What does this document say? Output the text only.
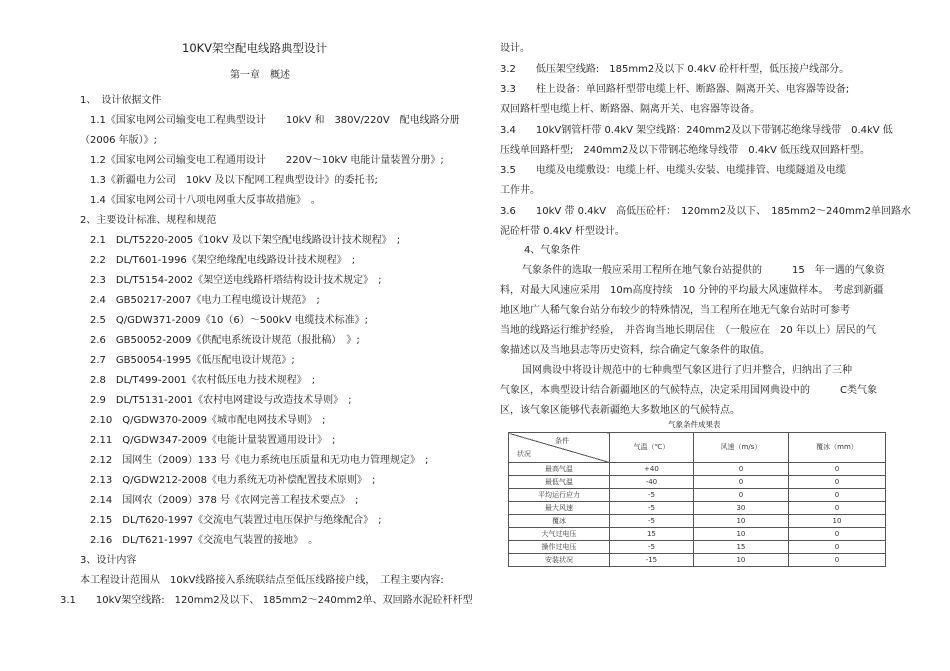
10KV架空配电线路典型设计
第一章　概述
1、　设计依据文件
1.1《国家电网公司输变电工程典型设计　　10kV 和　380V/220V　配电线路分册
（2006 年版）》;
1.2《国家电网公司输变电工程通用设计　　220V～10kV 电能计量装置分册》;
1.3《新疆电力公司　10kV 及以下配网工程典型设计》的委托书;
1.4《国家电网公司十八项电网重大反事故措施》　。
2、主要设计标准、规程和规范
2.1　DL/T5220-2005《10kV 及以下架空配电线路设计技术规程》　;
2.2　DL/T601-1996《架空绝缘配电线路设计技术规程》　;
2.3　DL/T5154-2002《架空送电线路杆塔结构设计技术规定》　;
2.4　GB50217-2007《电力工程电缆设计规范》　;
2.5　Q/GDW371-2009《10（6）～500kV 电缆技术标准》;
2.6　GB50052-2009《供配电系统设计规范（报批稿）　》;
2.7　GB50054-1995《低压配电设计规范》;
2.8　DL/T499-2001《农村低压电力技术规程》　;
2.9　DL/T5131-2001《农村电网建设与改造技术导则》　;
2.10　Q/GDW370-2009《城市配电网技术导则》　;
2.11　Q/GDW347-2009《电能计量装置通用设计》　;
2.12　国网生（2009）133 号《电力系统电压质量和无功电力管理规定》　;
2.13　Q/GDW212-2008《电力系统无功补偿配置技术原则》　;
2.14　国网农（2009）378 号《农网完善工程技术要点》　;
2.15　DL/T620-1997《交流电气装置过电压保护与绝缘配合》　;
2.16　DL/T621-1997《交流电气装置的接地》　。
3、设计内容
本工程设计范围从　10kV线路接入系统联结点至低压线路接户线，　工程主要内容:
3.1　　10kV架空线路:　120mm2及以下、 185mm2～240mm2单、双回路水泥砼杆杆型
设计。
3.2　　低压架空线路:　185mm2及以下 0.4kV 砼杆杆型，低压接户线部分。
3.3　　柱上设备：单回路杆型带电缆上杆、断路器、隔离开关、电容器等设备;
双回路杆型电缆上杆、断路器、隔离开关、电容器等设备。
3.4　　10kV钢管杆带 0.4kV 架空线路：240mm2及以下带钢芯绝缘导线带　0.4kV 低
压线单回路杆型;　240mm2及以下带钢芯绝缘导线带　0.4kV 低压线双回路杆型。
3.5　　电缆及电缆敷设：电缆上杆、电缆头安装、电缆排管、电缆隧道及电缆
工作井。
3.6　　10kV 带 0.4kV　高低压砼杆：　120mm2及以下、　185mm2～240mm2单回路水
泥砼杆带 0.4kV 杆型设计。
4、气象条件
气象条件的选取一般应采用工程所在地气象台站提供的　　　15　年一遇的气象资
料，对最大风速应采用　10m高度持续　10 分钟的平均最大风速做样本。　考虑到新疆
地区地广人稀气象台站分布较少的特殊情况，当工程所在地无气象台站时可参考
当地的线路运行维护经验，　并咨询当地长期居住　（一般应在　20 年以上）居民的气
象描述以及当地县志等历史资料，综合确定气象条件的取值。
国网典设中将设计规范中的七种典型气象区进行了归并整合，归纳出了三种
气象区，本典型设计结合新疆地区的气候特点，决定采用国网典设中的　　　C类气象
区，该气象区能够代表新疆绝大多数地区的气候特点。
气象条件成果表
条件
状况	气温（℃）	风速（m/s）	覆冰（mm）
最高气温	+40	0	0
最低气温	-40	0	0
平均运行应力	-5	0	0
最大风速	-5	30	0
覆冰	-5	10	10
大气过电压	15	10	0
操作过电压	-5	15	0
安装状况	-15	10	0
